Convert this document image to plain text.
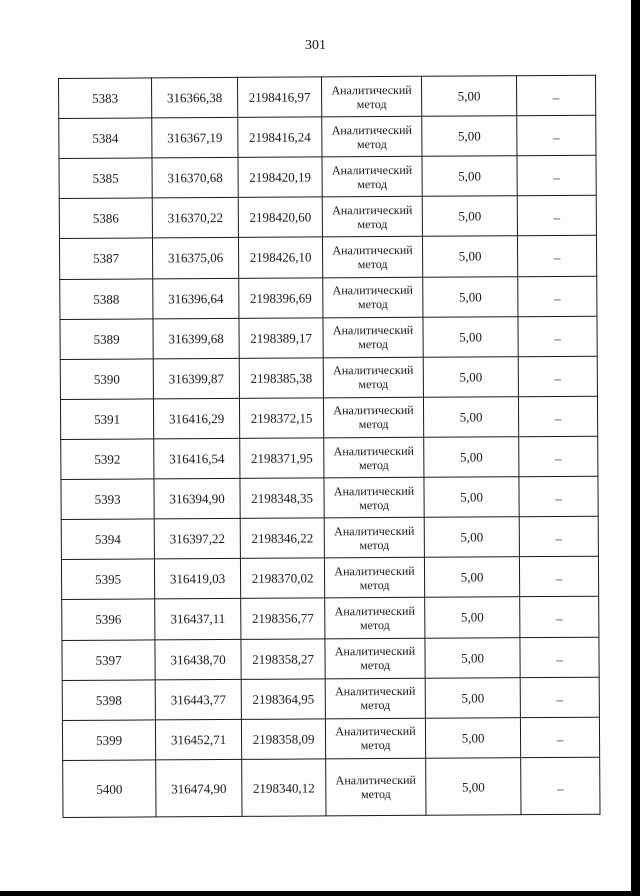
301
5383	316366,38	2198416,97	Аналитический метод	5,00	–
5384	316367,19	2198416,24	Аналитический метод	5,00	–
5385	316370,68	2198420,19	Аналитический метод	5,00	–
5386	316370,22	2198420,60	Аналитический метод	5,00	–
5387	316375,06	2198426,10	Аналитический метод	5,00	–
5388	316396,64	2198396,69	Аналитический метод	5,00	–
5389	316399,68	2198389,17	Аналитический метод	5,00	–
5390	316399,87	2198385,38	Аналитический метод	5,00	–
5391	316416,29	2198372,15	Аналитический метод	5,00	–
5392	316416,54	2198371,95	Аналитический метод	5,00	–
5393	316394,90	2198348,35	Аналитический метод	5,00	–
5394	316397,22	2198346,22	Аналитический метод	5,00	–
5395	316419,03	2198370,02	Аналитический метод	5,00	–
5396	316437,11	2198356,77	Аналитический метод	5,00	–
5397	316438,70	2198358,27	Аналитический метод	5,00	–
5398	316443,77	2198364,95	Аналитический метод	5,00	–
5399	316452,71	2198358,09	Аналитический метод	5,00	–
5400	316474,90	2198340,12	Аналитический метод	5,00	–
